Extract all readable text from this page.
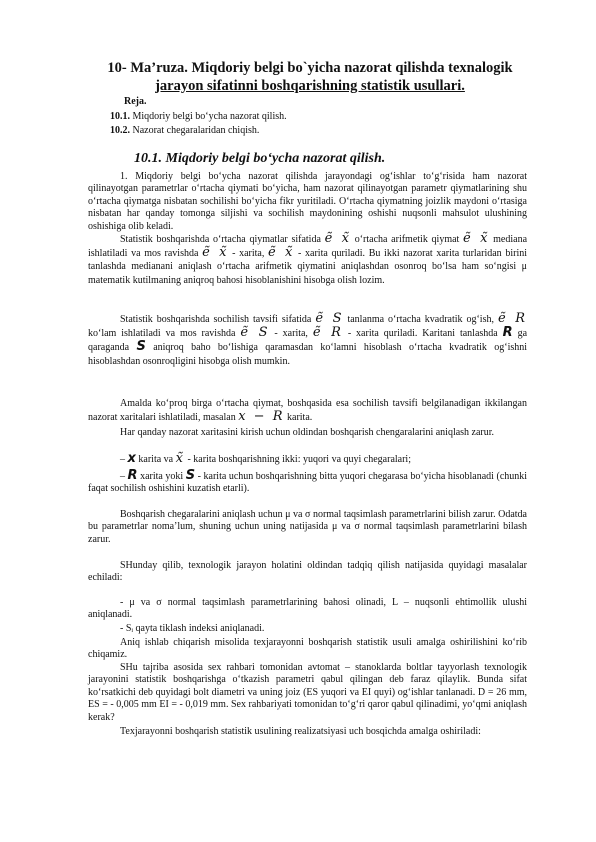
10- Ma’ruza. Miqdoriy belgi bo`yicha nazorat qilishda texnalogik
jarayon sifatinni boshqarishning statistik usullari.
Reja.
10.1. Miqdoriy belgi bo‘ycha nazorat qilish.
10.2. Nazorat chegaralaridan chiqish.
10.1. Miqdoriy belgi bo‘ycha nazorat qilish.

1. Miqdoriy belgi bo‘ycha nazorat qilishda jarayondagi og‘ishlar to‘g‘risida ham nazorat qilinayotgan parametrlar o‘rtacha qiymati bo‘yicha, ham nazorat qilinayotgan parametr qiymatlarining shu o‘rtacha qiymatga nisbatan sochilishi bo‘yicha fikr yuritiladi. O‘rtacha qiymatning joizlik maydoni o‘rtasiga nisbatan har qanday tomonga siljishi va sochilish maydonining oshishi nuqsonli mahsulot ulushining oshishiga olib keladi.

Statistik boshqarishda o‘rtacha qiymatlar sifatida ẽ x̃ o‘rtacha arifmetik qiymat ẽ x̃ mediana ishlatiladi va mos ravishda ẽ x̃ - xarita, ẽ x̃ - xarita quriladi. Bu ikki nazorat xarita turlaridan birini tanlashda medianani aniqlash o‘rtacha arifmetik qiymatini aniqlashdan osonroq bo‘lsa ham so‘ngisi μ matematik kutilmaning aniqroq bahosi hisoblanishini hisobga olish lozim.

Statistik boshqarishda sochilish tavsifi sifatida ẽ S tanlanma o‘rtacha kvadratik og‘ish, ẽ R ko‘lam ishlatiladi va mos ravishda ẽ S - xarita, ẽ R - xarita quriladi. Karitani tanlashda R ga qaraganda S aniqroq baho bo‘lishiga qaramasdan ko‘lamni hisoblash o‘rtacha kvadratik og‘ishni hisoblashdan osonroqligini hisobga olish mumkin.

Amalda ko‘proq birga o‘rtacha qiymat, boshqasida esa sochilish tavsifi belgilanadigan ikkilangan nazorat xaritalari ishlatiladi, masalan x − R karita.

Har qanday nazorat xaritasini kirish uchun oldindan boshqarish chengaralarini aniqlash zarur.

– x karita va x̃ - karita boshqarishning ikki: yuqori va quyi chegaralari;

– R xarita yoki S - karita uchun boshqarishning bitta yuqori chegarasa bo‘yicha hisoblanadi (chunki faqat sochilish oshishini kuzatish etarli).

Boshqarish chegaralarini aniqlash uchun μ va σ normal taqsimlash parametrlarini bilish zarur. Odatda bu parametrlar noma’lum, shuning uchun uning natijasida μ va σ normal taqsimlash parametrlarini bilash zarur.

SHunday qilib, texnologik jarayon holatini oldindan tadqiq qilish natijasida quyidagi masalalar echiladi:

- μ va σ normal taqsimlash parametrlarining bahosi olinadi, L – nuqsonli ehtimollik ulushi aniqlanadi.

- Sᵢ qayta tiklash indeksi aniqlanadi.

Aniq ishlab chiqarish misolida texjarayonni boshqarish statistik usuli amalga oshirilishini ko‘rib chiqamiz.

SHu tajriba asosida sex rahbari tomonidan avtomat – stanoklarda boltlar tayyorlash texnologik jarayonini statistik boshqarishga o‘tkazish parametri qabul qilingan deb faraz qilaylik. Bunda sifat ko‘rsatkichi deb quyidagi bolt diametri va uning joiz (ES yuqori va EI quyi) og‘ishlar tanlanadi. D = 26 mm, ES = - 0,005 mm EI = - 0,019 mm. Sex rahbariyati tomonidan to‘g‘ri qaror qabul qilinadimi, yo‘qmi aniqlash kerak?

Texjarayonni boshqarish statistik usulining realizatsiyasi uch bosqichda amalga oshiriladi:
